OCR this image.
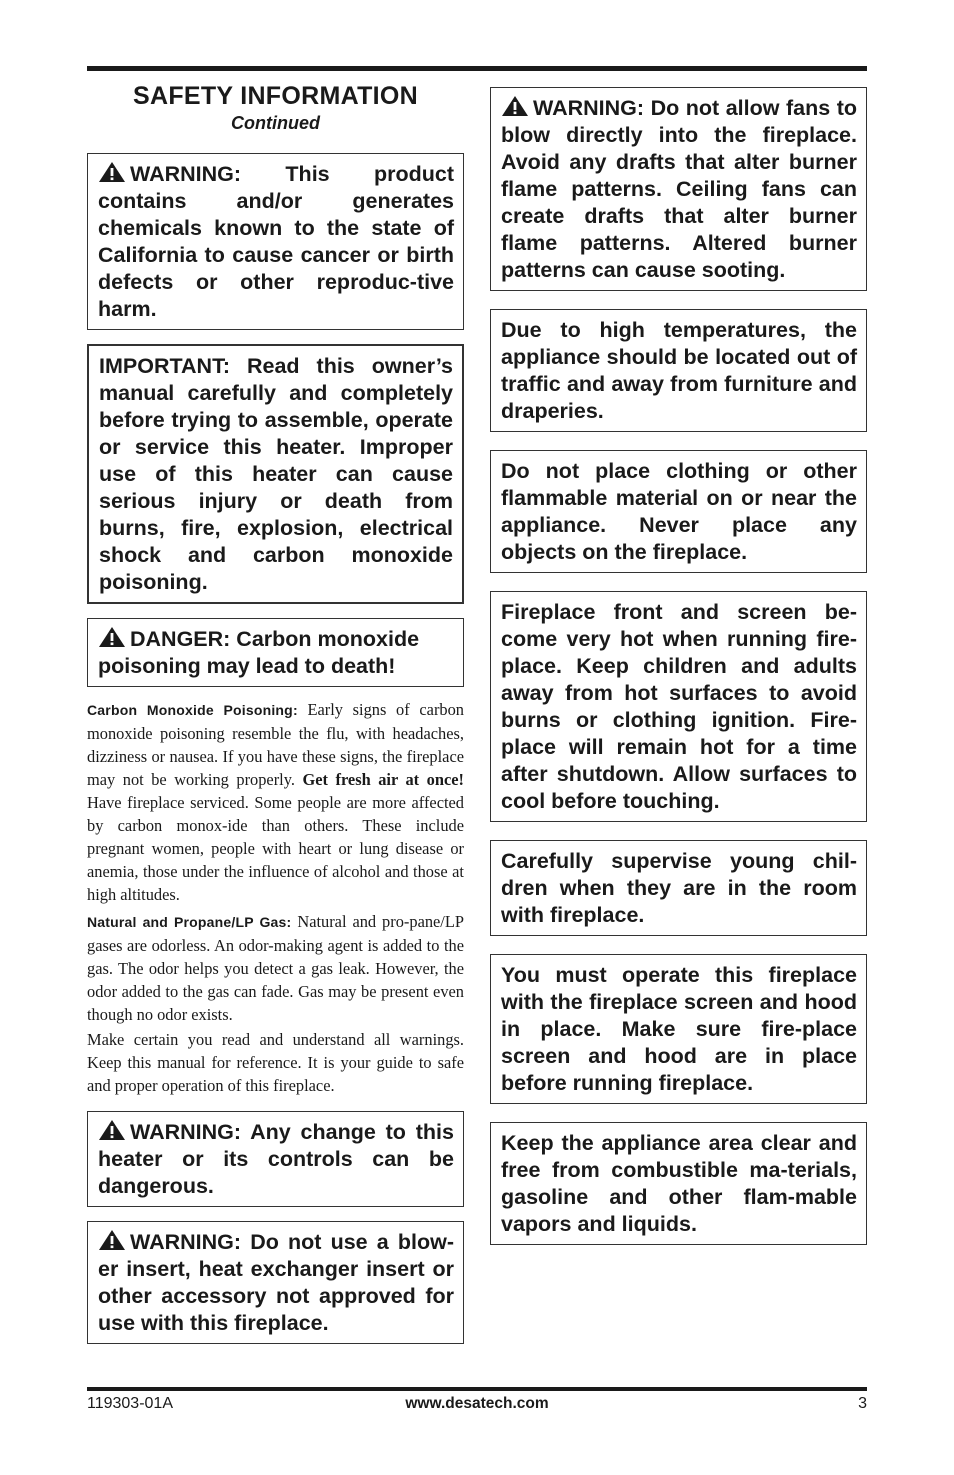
SAFETY INFORMATION
Continued
WARNING: This product contains and/or generates chemicals known to the state of California to cause cancer or birth defects or other reproduc-tive harm.
IMPORTANT: Read this owner’s manual carefully and completely before trying to assemble, operate or service this heater. Improper use of this heater can cause serious injury or death from burns, fire, explosion, electrical shock and carbon monoxide poisoning.
DANGER: Carbon monoxide poisoning may lead to death!

Carbon Monoxide Poisoning: Early signs of carbon monoxide poisoning resemble the flu, with headaches, dizziness or nausea. If you have these signs, the fireplace may not be working properly. Get fresh air at once! Have fireplace serviced. Some people are more affected by carbon monox-ide than others. These include pregnant women, people with heart or lung disease or anemia, those under the influence of alcohol and those at high altitudes.

Natural and Propane/LP Gas: Natural and pro-pane/LP gases are odorless. An odor-making agent is added to the gas. The odor helps you detect a gas leak. However, the odor added to the gas can fade. Gas may be present even though no odor exists.

Make certain you read and understand all warnings. Keep this manual for reference. It is your guide to safe and proper operation of this fireplace.

WARNING: Any change to this heater or its controls can be dangerous.
WARNING: Do not use a blow-er insert, heat exchanger insert or other accessory not approved for use with this fireplace.
WARNING: Do not allow fans to blow directly into the fireplace. Avoid any drafts that alter burner flame patterns. Ceiling fans can create drafts that alter burner flame patterns. Altered burner patterns can cause sooting.
Due to high temperatures, the appliance should be located out of traffic and away from furniture and draperies.
Do not place clothing or other flammable material on or near the appliance. Never place any objects on the fireplace.
Fireplace front and screen be-come very hot when running fire-place. Keep children and adults away from hot surfaces to avoid burns or clothing ignition. Fire-place will remain hot for a time after shutdown. Allow surfaces to cool before touching.
Carefully supervise young chil-dren when they are in the room with fireplace.
You must operate this fireplace with the fireplace screen and hood in place. Make sure fire-place screen and hood are in place before running fireplace.
Keep the appliance area clear and free from combustible ma-terials, gasoline and other flam-mable vapors and liquids.
119303-01A	www.desatech.com	3
